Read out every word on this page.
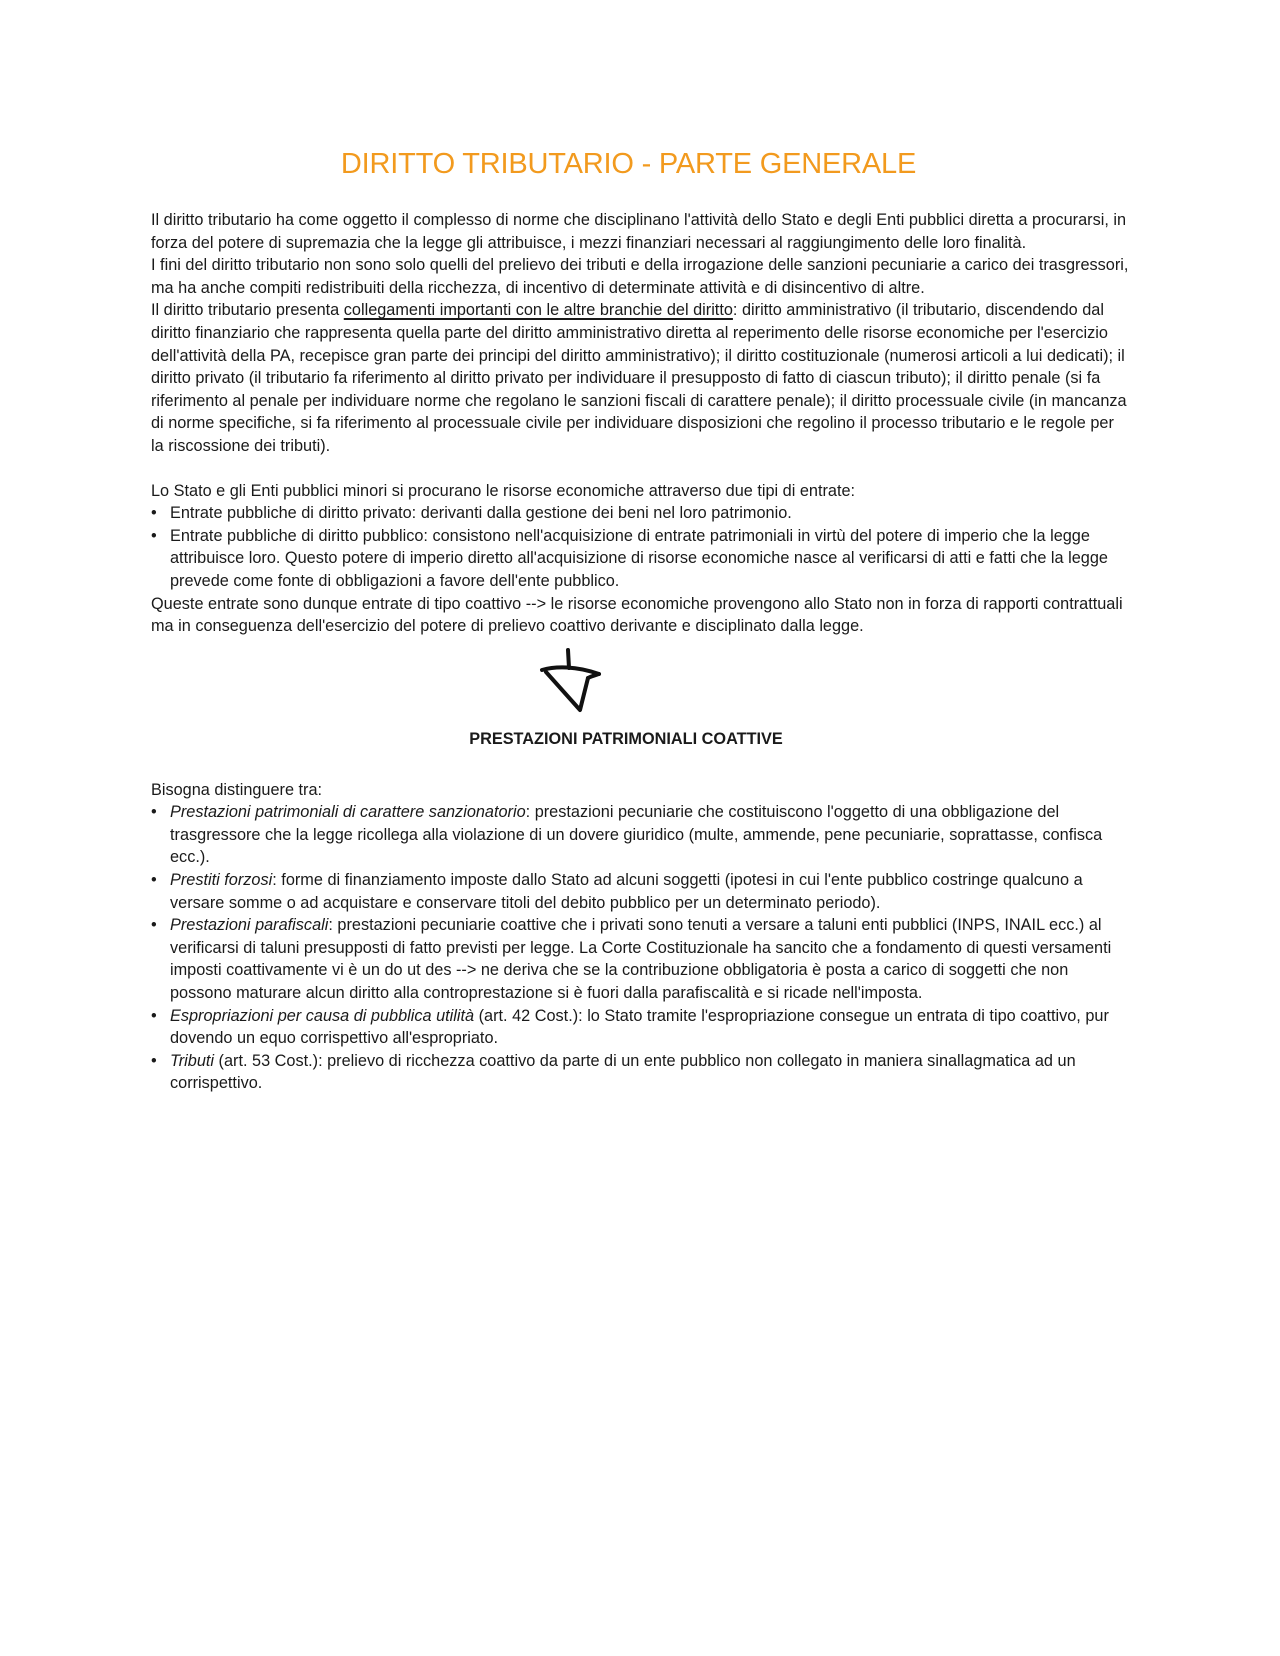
DIRITTO TRIBUTARIO - PARTE GENERALE

Il diritto tributario ha come oggetto il complesso di norme che disciplinano l'attività dello Stato e degli Enti pubblici diretta a procurarsi, in forza del potere di supremazia che la legge gli attribuisce, i mezzi finanziari necessari al raggiungimento delle loro finalità.

I fini del diritto tributario non sono solo quelli del prelievo dei tributi e della irrogazione delle sanzioni pecuniarie a carico dei trasgressori, ma ha anche compiti redistribuiti della ricchezza, di incentivo di determinate attività e di disincentivo di altre.

Il diritto tributario presenta collegamenti importanti con le altre branchie del diritto: diritto amministrativo (il tributario, discendendo dal diritto finanziario che rappresenta quella parte del diritto amministrativo diretta al reperimento delle risorse economiche per l'esercizio dell'attività della PA, recepisce gran parte dei principi del diritto amministrativo); il diritto costituzionale (numerosi articoli a lui dedicati); il diritto privato (il tributario fa riferimento al diritto privato per individuare il presupposto di fatto di ciascun tributo); il diritto penale (si fa riferimento al penale per individuare norme che regolano le sanzioni fiscali di carattere penale); il diritto processuale civile (in mancanza di norme specifiche, si fa riferimento al processuale civile per individuare disposizioni che regolino il processo tributario e le regole per la riscossione dei tributi).

Lo Stato e gli Enti pubblici minori si procurano le risorse economiche attraverso due tipi di entrate:

• Entrate pubbliche di diritto privato: derivanti dalla gestione dei beni nel loro patrimonio.
• Entrate pubbliche di diritto pubblico: consistono nell'acquisizione di entrate patrimoniali in virtù del potere di imperio che la legge attribuisce loro. Questo potere di imperio diretto all'acquisizione di risorse economiche nasce al verificarsi di atti e fatti che la legge prevede come fonte di obbligazioni a favore dell'ente pubblico.

Queste entrate sono dunque entrate di tipo coattivo --> le risorse economiche provengono allo Stato non in forza di rapporti contrattuali ma in conseguenza dell'esercizio del potere di prelievo coattivo derivante e disciplinato dalla legge.

PRESTAZIONI PATRIMONIALI COATTIVE

Bisogna distinguere tra:

• Prestazioni patrimoniali di carattere sanzionatorio: prestazioni pecuniarie che costituiscono l'oggetto di una obbligazione del trasgressore che la legge ricollega alla violazione di un dovere giuridico (multe, ammende, pene pecuniarie, soprattasse, confisca ecc.).
• Prestiti forzosi: forme di finanziamento imposte dallo Stato ad alcuni soggetti (ipotesi in cui l'ente pubblico costringe qualcuno a versare somme o ad acquistare e conservare titoli del debito pubblico per un determinato periodo).
• Prestazioni parafiscali: prestazioni pecuniarie coattive che i privati sono tenuti a versare a taluni enti pubblici (INPS, INAIL ecc.) al verificarsi di taluni presupposti di fatto previsti per legge. La Corte Costituzionale ha sancito che a fondamento di questi versamenti imposti coattivamente vi è un do ut des --> ne deriva che se la contribuzione obbligatoria è posta a carico di soggetti che non possono maturare alcun diritto alla controprestazione si è fuori dalla parafiscalità e si ricade nell'imposta.
• Espropriazioni per causa di pubblica utilità (art. 42 Cost.): lo Stato tramite l'espropriazione consegue un entrata di tipo coattivo, pur dovendo un equo corrispettivo all'espropriato.
• Tributi (art. 53 Cost.): prelievo di ricchezza coattivo da parte di un ente pubblico non collegato in maniera sinallagmatica ad un corrispettivo.
